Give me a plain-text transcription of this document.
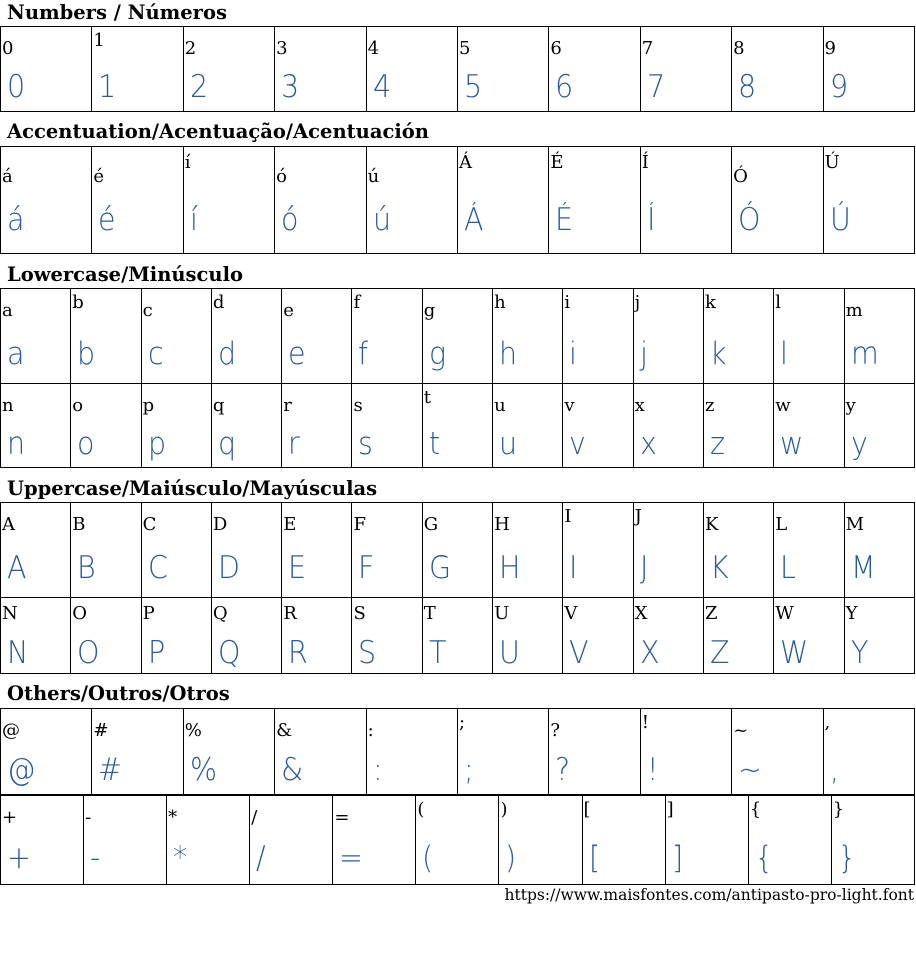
Numbers / Números
0
0
1
1
2
2
3
3
4
4
5
5
6
6
7
7
8
8
9
9
Accentuation/Acentuação/Acentuación
á
á
é
é
í
í
ó
ó
ú
ú
Á
Á
É
É
Í
Í
Ó
Ó
Ú
Ú
Lowercase/Minúsculo
a
a
b
b
c
c
d
d
e
e
f
f
g
g
h
h
i
i
j
j
k
k
l
l
m
m
n
n
o
o
p
p
q
q
r
r
s
s
t
t
u
u
v
v
x
x
z
z
w
w
y
y
Uppercase/Maiúsculo/Mayúsculas
A
A
B
B
C
C
D
D
E
E
F
F
G
G
H
H
I
I
J
J
K
K
L
L
M
M
N
N
O
O
P
P
Q
Q
R
R
S
S
T
T
U
U
V
V
X
X
Z
Z
W
W
Y
Y
Others/Outros/Otros
@
@
#
#
%
%
&
&
:
:
;
;
?
?
!
!
~
~
,
,
+
+
-
-
*
*
/
/
=
=
(
(
)
)
[
[
]
]
{
{
}
}
https://www.maisfontes.com/antipasto-pro-light.font
